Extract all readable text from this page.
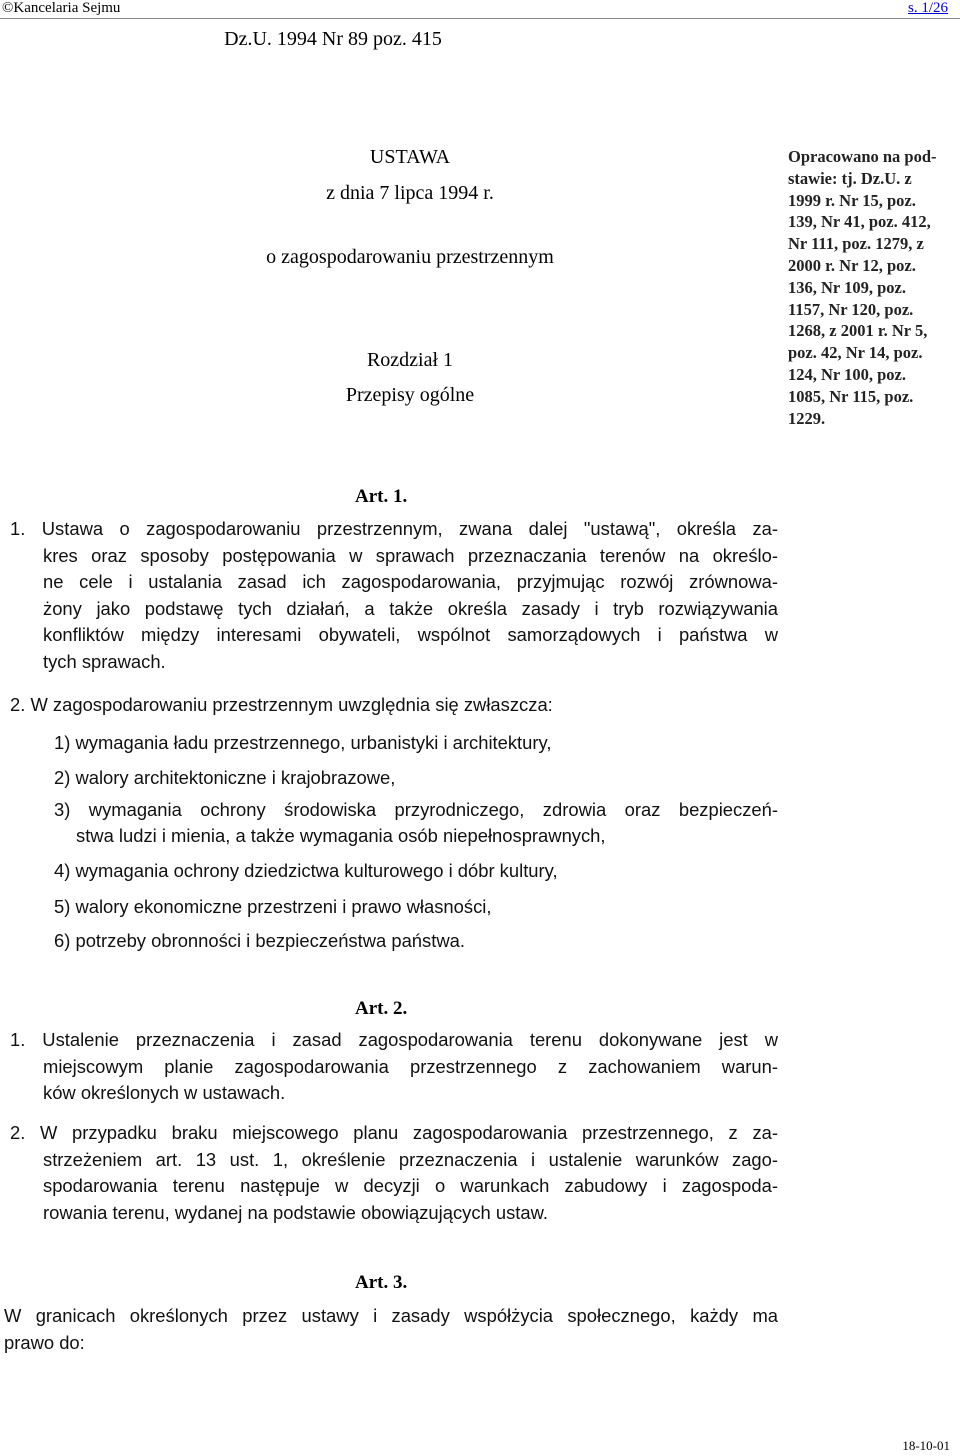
©Kancelaria Sejmu	s. 1/26
Dz.U. 1994 Nr 89 poz. 415
USTAWA
z dnia 7 lipca 1994 r.
o zagospodarowaniu przestrzennym
Rozdział 1
Przepisy ogólne
Opracowano na pod-
stawie: tj. Dz.U. z
1999 r. Nr 15, poz.
139, Nr 41, poz. 412,
Nr 111, poz. 1279, z
2000 r. Nr 12, poz.
136, Nr 109, poz.
1157, Nr 120, poz.
1268, z 2001 r. Nr 5,
poz. 42, Nr 14, poz.
124, Nr 100, poz.
1085, Nr 115, poz.
1229.
Art. 1.
1. Ustawa o zagospodarowaniu przestrzennym, zwana dalej "ustawą", określa za-
kres oraz sposoby postępowania w sprawach przeznaczania terenów na określo-
ne cele i ustalania zasad ich zagospodarowania, przyjmując rozwój zrównowa-
żony jako podstawę tych działań, a także określa zasady i tryb rozwiązywania
konfliktów między interesami obywateli, wspólnot samorządowych i państwa w
tych sprawach.
2. W zagospodarowaniu przestrzennym uwzględnia się zwłaszcza:
1) wymagania ładu przestrzennego, urbanistyki i architektury,
2) walory architektoniczne i krajobrazowe,
3) wymagania ochrony środowiska przyrodniczego, zdrowia oraz bezpieczeń-
stwa ludzi i mienia, a także wymagania osób niepełnosprawnych,
4) wymagania ochrony dziedzictwa kulturowego i dóbr kultury,
5) walory ekonomiczne przestrzeni i prawo własności,
6) potrzeby obronności i bezpieczeństwa państwa.
Art. 2.
1. Ustalenie przeznaczenia i zasad zagospodarowania terenu dokonywane jest w
miejscowym planie zagospodarowania przestrzennego z zachowaniem warun-
ków określonych w ustawach.
2. W przypadku braku miejscowego planu zagospodarowania przestrzennego, z za-
strzeżeniem art. 13 ust. 1, określenie przeznaczenia i ustalenie warunków zago-
spodarowania terenu następuje w decyzji o warunkach zabudowy i zagospoda-
rowania terenu, wydanej na podstawie obowiązujących ustaw.
Art. 3.
W granicach określonych przez ustawy i zasady współżycia społecznego, każdy ma
prawo do:
18-10-01
